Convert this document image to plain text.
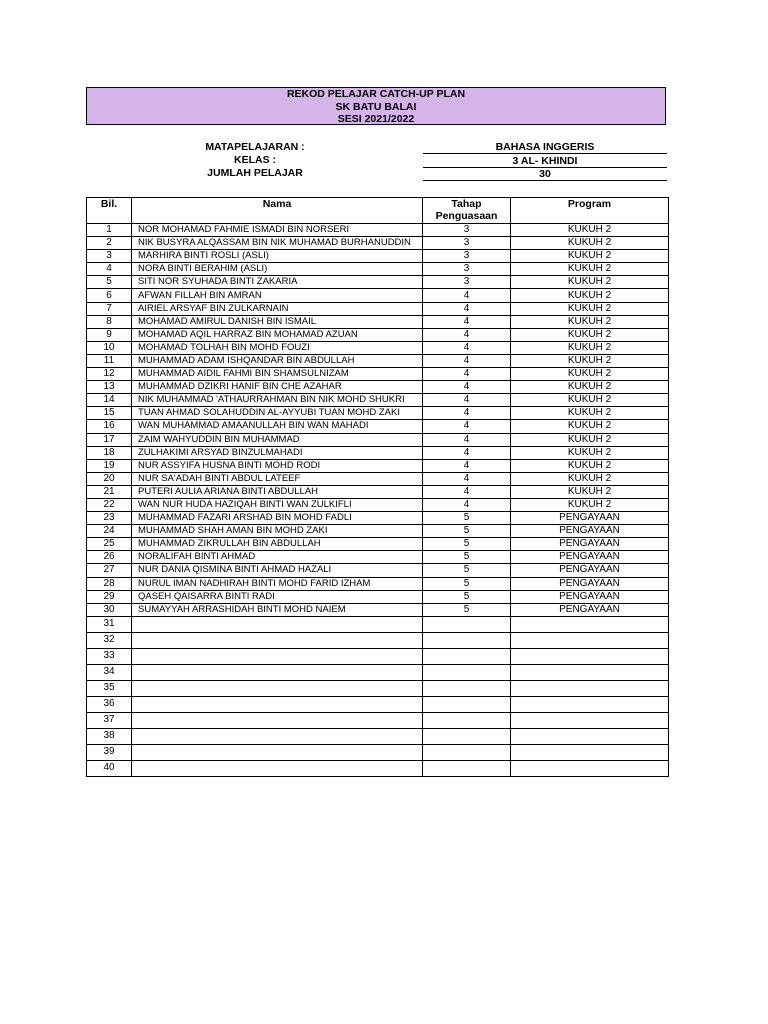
REKOD PELAJAR CATCH-UP PLAN
SK BATU BALAI
SESI 2021/2022
MATAPELAJARAN :	BAHASA INGGERIS
KELAS :	3 AL- KHINDI
JUMLAH PELAJAR	30
Bil.	Nama	Tahap Penguasaan	Program
1	NOR MOHAMAD FAHMIE ISMADI BIN NORSERI	3	KUKUH 2
2	NIK BUSYRA ALQASSAM BIN NIK MUHAMAD BURHANUDDIN	3	KUKUH 2
3	MARHIRA BINTI ROSLI (ASLI)	3	KUKUH 2
4	NORA BINTI BERAHIM (ASLI)	3	KUKUH 2
5	SITI NOR SYUHADA BINTI ZAKARIA	3	KUKUH 2
6	AFWAN FILLAH BIN AMRAN	4	KUKUH 2
7	AIRIEL ARSYAF BIN ZULKARNAIN	4	KUKUH 2
8	MOHAMAD AMIRUL DANISH BIN ISMAIL	4	KUKUH 2
9	MOHAMAD AQIL HARRAZ BIN MOHAMAD AZUAN	4	KUKUH 2
10	MOHAMAD TOLHAH BIN MOHD FOUZI	4	KUKUH 2
11	MUHAMMAD ADAM ISHQANDAR BIN ABDULLAH	4	KUKUH 2
12	MUHAMMAD AIDIL FAHMI BIN SHAMSULNIZAM	4	KUKUH 2
13	MUHAMMAD DZIKRI HANIF BIN CHE AZAHAR	4	KUKUH 2
14	NIK MUHAMMAD 'ATHAURRAHMAN BIN NIK MOHD SHUKRI	4	KUKUH 2
15	TUAN AHMAD SOLAHUDDIN AL-AYYUBI TUAN MOHD ZAKI	4	KUKUH 2
16	WAN MUHAMMAD AMAANULLAH BIN WAN MAHADI	4	KUKUH 2
17	ZAIM WAHYUDDIN BIN MUHAMMAD	4	KUKUH 2
18	ZULHAKIMI ARSYAD BINZULMAHADI	4	KUKUH 2
19	NUR ASSYIFA HUSNA BINTI MOHD RODI	4	KUKUH 2
20	NUR SA'ADAH BINTI ABDUL LATEEF	4	KUKUH 2
21	PUTERI AULIA ARIANA BINTI ABDULLAH	4	KUKUH 2
22	WAN NUR HUDA HAZIQAH BINTI WAN ZULKIFLI	4	KUKUH 2
23	MUHAMMAD FAZARI ARSHAD BIN MOHD FADLI	5	PENGAYAAN
24	MUHAMMAD SHAH AMAN BIN MOHD ZAKI	5	PENGAYAAN
25	MUHAMMAD ZIKRULLAH BIN ABDULLAH	5	PENGAYAAN
26	NORALIFAH BINTI AHMAD	5	PENGAYAAN
27	NUR DANIA QISMINA BINTI AHMAD HAZALI	5	PENGAYAAN
28	NURUL IMAN NADHIRAH BINTI MOHD FARID IZHAM	5	PENGAYAAN
29	QASEH QAISARRA BINTI RADI	5	PENGAYAAN
30	SUMAYYAH ARRASHIDAH BINTI MOHD NAIEM	5	PENGAYAAN
31			
32			
33			
34			
35			
36			
37			
38			
39			
40			
